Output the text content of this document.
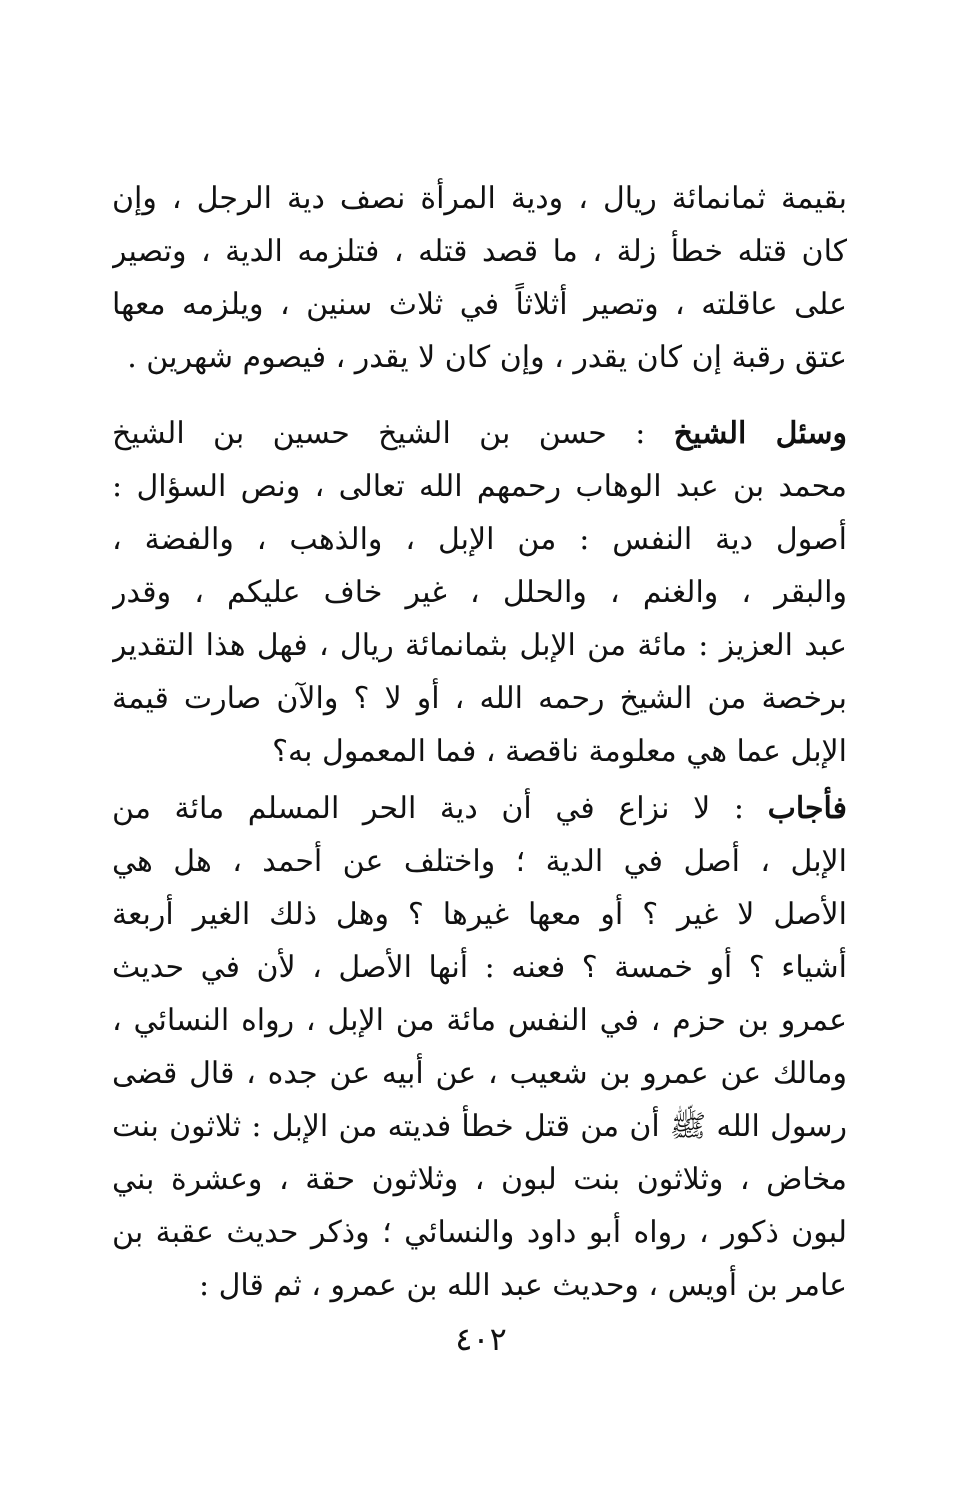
بقيمة ثمانمائة ريال ، ودية المرأة نصف دية الرجل ، وإن
كان قتله خطأ زلة ، ما قصد قتله ، فتلزمه الدية ، وتصير
على عاقلته ، وتصير أثلاثاً في ثلاث سنين ، ويلزمه معها
عتق رقبة إن كان يقدر ، وإن كان لا يقدر ، فيصوم شهرين .
وسئل الشيخ : حسن بن الشيخ حسين بن الشيخ
محمد بن عبد الوهاب رحمهم الله تعالى ، ونص السؤال :
أصول دية النفس : من الإبل ، والذهب ، والفضة ،
والبقر ، والغنم ، والحلل ، غير خاف عليكم ، وقدر
عبد العزيز : مائة من الإبل بثمانمائة ريال ، فهل هذا التقدير
برخصة من الشيخ رحمه الله ، أو لا ؟ والآن صارت قيمة
الإبل عما هي معلومة ناقصة ، فما المعمول به؟
فأجاب : لا نزاع في أن دية الحر المسلم مائة من
الإبل ، أصل في الدية ؛ واختلف عن أحمد ، هل هي
الأصل لا غير ؟ أو معها غيرها ؟ وهل ذلك الغير أربعة
أشياء ؟ أو خمسة ؟ فعنه : أنها الأصل ، لأن في حديث
عمرو بن حزم ، في النفس مائة من الإبل ، رواه النسائي ،
ومالك عن عمرو بن شعيب ، عن أبيه عن جده ، قال قضى
رسول الله ﷺ أن من قتل خطأ فديته من الإبل : ثلاثون بنت
مخاض ، وثلاثون بنت لبون ، وثلاثون حقة ، وعشرة بني
لبون ذكور ، رواه أبو داود والنسائي ؛ وذكر حديث عقبة بن
عامر بن أويس ، وحديث عبد الله بن عمرو ، ثم قال :
٤٠٢
